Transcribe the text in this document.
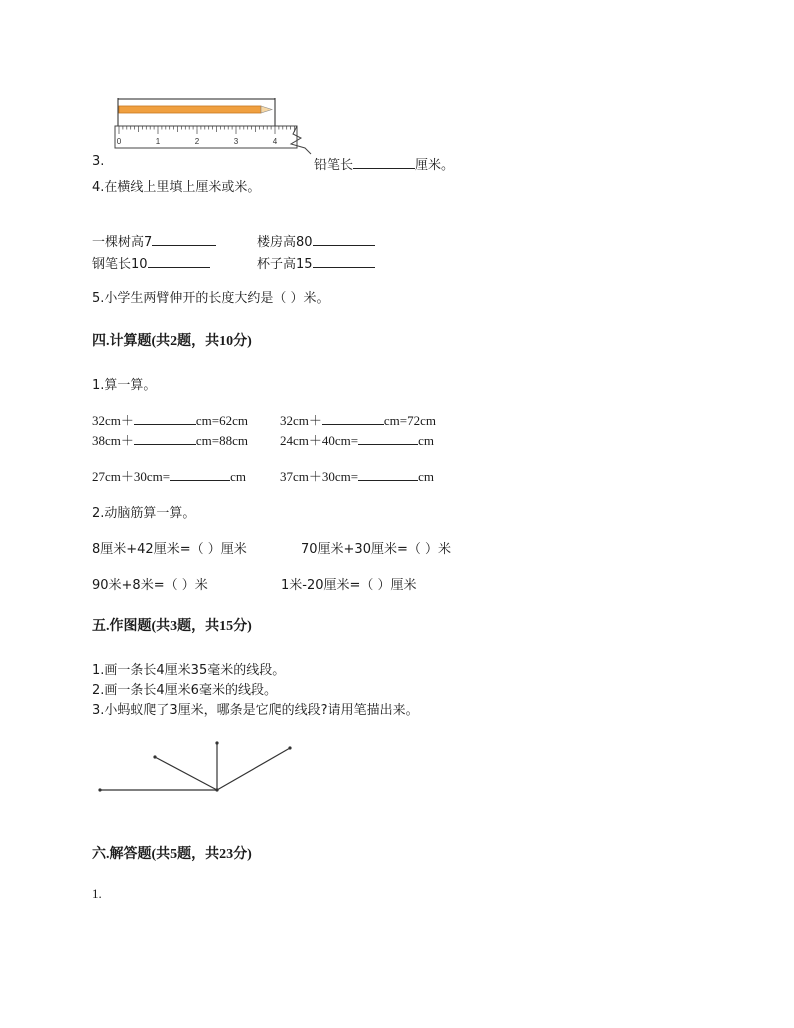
0	1	2	3	4
3.	铅笔长	厘米。
4.在横线上里填上厘米或米。
一棵树高7	楼房高80
钢笔长10	杯子高15
5.小学生两臂伸开的长度大约是（ ）米。
四.计算题(共2题，共10分)
1.算一算。
32cm＋	cm=62cm 32cm＋	cm=72cm
38cm＋	cm=88cm 24cm＋40cm=	cm
27cm＋30cm=	cm	37cm＋30cm=	cm
2.动脑筋算一算。
8厘米+42厘米=（ ）厘米	70厘米+30厘米=（ ）米
90米+8米=（ ）米	1米-20厘米=（ ）厘米
五.作图题(共3题，共15分)
1.画一条长4厘米35毫米的线段。
2.画一条长4厘米6毫米的线段。
3.小蚂蚁爬了3厘米，哪条是它爬的线段?请用笔描出来。
六.解答题(共5题，共23分)
1.
